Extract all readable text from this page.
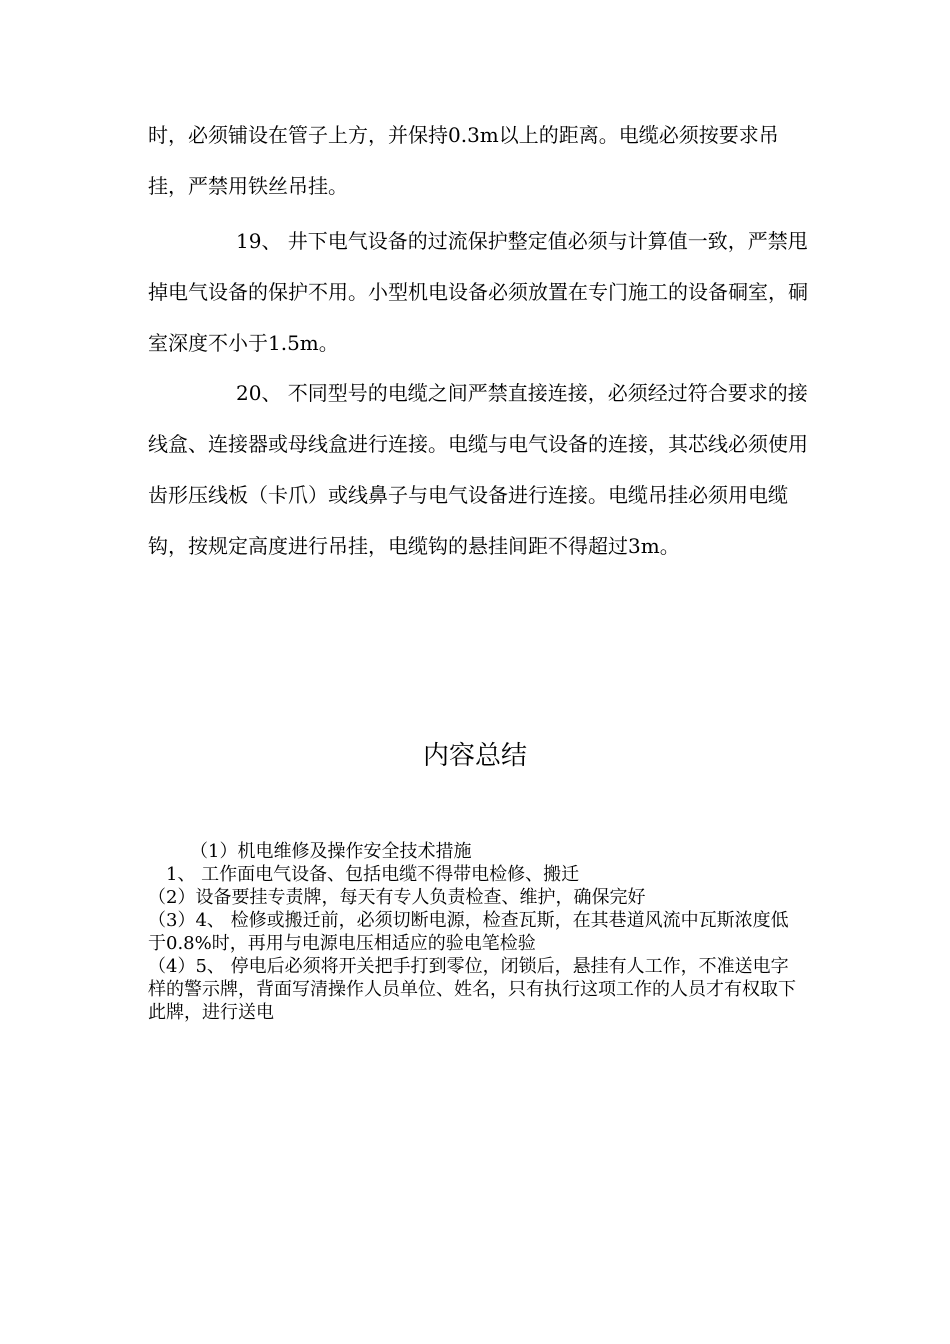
时，必须铺设在管子上方，并保持0.3m以上的距离。电缆必须按要求吊挂，严禁用铁丝吊挂。

19、 井下电气设备的过流保护整定值必须与计算值一致，严禁甩掉电气设备的保护不用。小型机电设备必须放置在专门施工的设备硐室，硐室深度不小于1.5m。

20、 不同型号的电缆之间严禁直接连接，必须经过符合要求的接线盒、连接器或母线盒进行连接。电缆与电气设备的连接，其芯线必须使用齿形压线板（卡爪）或线鼻子与电气设备进行连接。电缆吊挂必须用电缆钩，按规定高度进行吊挂，电缆钩的悬挂间距不得超过3m。

内容总结
（1）机电维修及操作安全技术措施
1、 工作面电气设备、包括电缆不得带电检修、搬迁
（2）设备要挂专责牌，每天有专人负责检查、维护，确保完好
（3）4、 检修或搬迁前，必须切断电源，检查瓦斯，在其巷道风流中瓦斯浓度低于0.8%时，再用与电源电压相适应的验电笔检验
（4）5、 停电后必须将开关把手打到零位，闭锁后，悬挂有人工作，不准送电字样的警示牌，背面写清操作人员单位、姓名，只有执行这项工作的人员才有权取下此牌，进行送电
